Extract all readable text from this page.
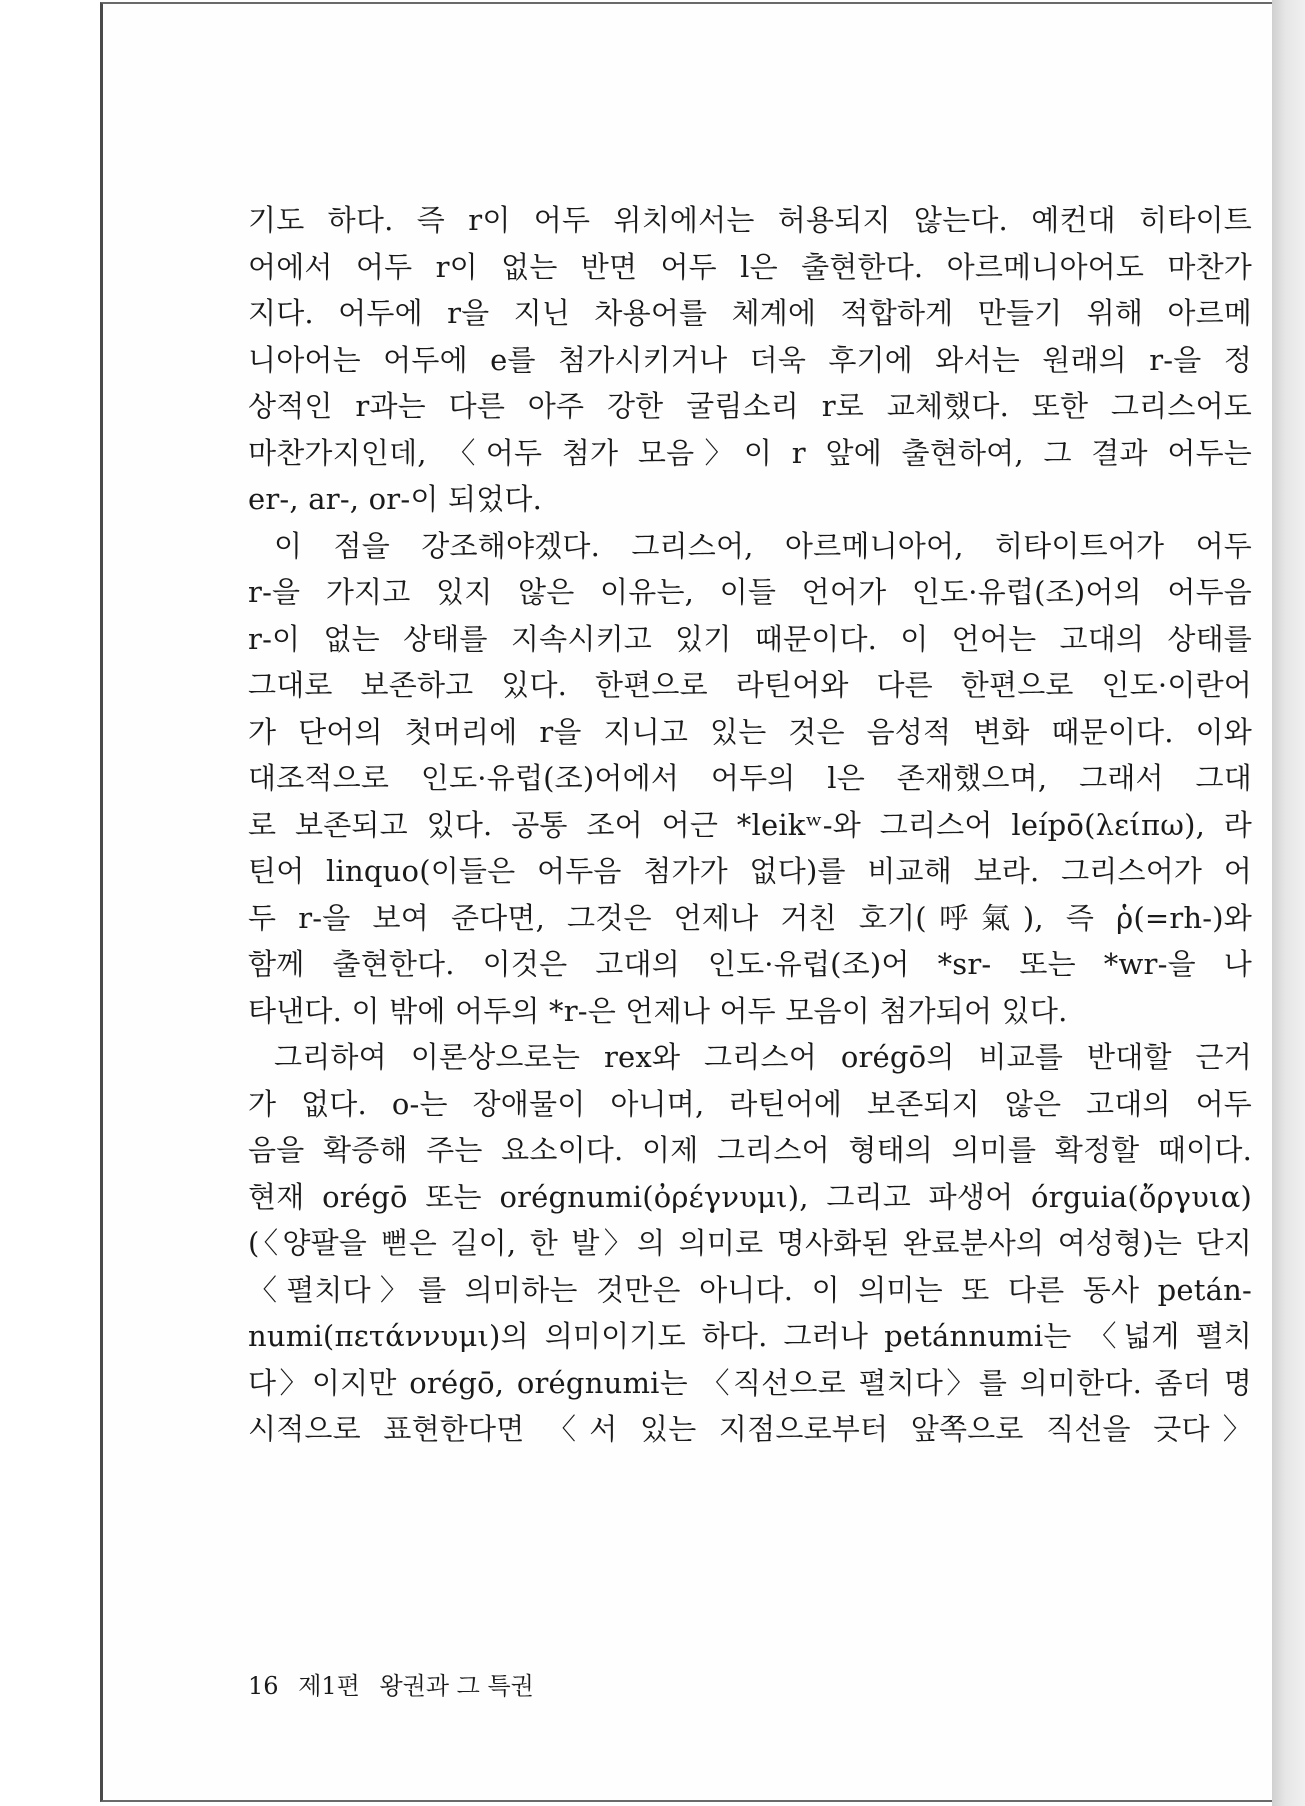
기도 하다. 즉 r이 어두 위치에서는 허용되지 않는다. 예컨대 히타이트
어에서 어두 r이 없는 반면 어두 l은 출현한다. 아르메니아어도 마찬가
지다. 어두에 r을 지닌 차용어를 체계에 적합하게 만들기 위해 아르메
니아어는 어두에 e를 첨가시키거나 더욱 후기에 와서는 원래의 r-을 정
상적인 r과는 다른 아주 강한 굴림소리 r로 교체했다. 또한 그리스어도
마찬가지인데, 〈어두 첨가 모음〉이 r 앞에 출현하여, 그 결과 어두는
er-, ar-, or-이 되었다.
이 점을 강조해야겠다. 그리스어, 아르메니아어, 히타이트어가 어두
r-을 가지고 있지 않은 이유는, 이들 언어가 인도·유럽(조)어의 어두음
r-이 없는 상태를 지속시키고 있기 때문이다. 이 언어는 고대의 상태를
그대로 보존하고 있다. 한편으로 라틴어와 다른 한편으로 인도·이란어
가 단어의 첫머리에 r을 지니고 있는 것은 음성적 변화 때문이다. 이와
대조적으로 인도·유럽(조)어에서 어두의 l은 존재했으며, 그래서 그대
로 보존되고 있다. 공통 조어 어근 *leikʷ-와 그리스어 leípō(λείπω), 라
틴어 linquo(이들은 어두음 첨가가 없다)를 비교해 보라. 그리스어가 어
두 r-을 보여 준다면, 그것은 언제나 거친 호기(呼氣), 즉 ῥ(=rh-)와
함께 출현한다. 이것은 고대의 인도·유럽(조)어 *sr- 또는 *wr-을 나
타낸다. 이 밖에 어두의 *r-은 언제나 어두 모음이 첨가되어 있다.
그리하여 이론상으로는 rex와 그리스어 orégō의 비교를 반대할 근거
가 없다. o-는 장애물이 아니며, 라틴어에 보존되지 않은 고대의 어두
음을 확증해 주는 요소이다. 이제 그리스어 형태의 의미를 확정할 때이다.
현재 orégō 또는 orégnumi(ὀρέγνυμι), 그리고 파생어 órguia(ὄργυια)
(〈양팔을 뻗은 길이, 한 발〉의 의미로 명사화된 완료분사의 여성형)는 단지
〈펼치다〉를 의미하는 것만은 아니다. 이 의미는 또 다른 동사 petán-
numi(πετάννυμι)의 의미이기도 하다. 그러나 petánnumi는 〈넓게 펼치
다〉이지만 orégō, orégnumi는 〈직선으로 펼치다〉를 의미한다. 좀더 명
시적으로 표현한다면 〈서 있는 지점으로부터 앞쪽으로 직선을 긋다〉
16 제1편 왕권과 그 특권
